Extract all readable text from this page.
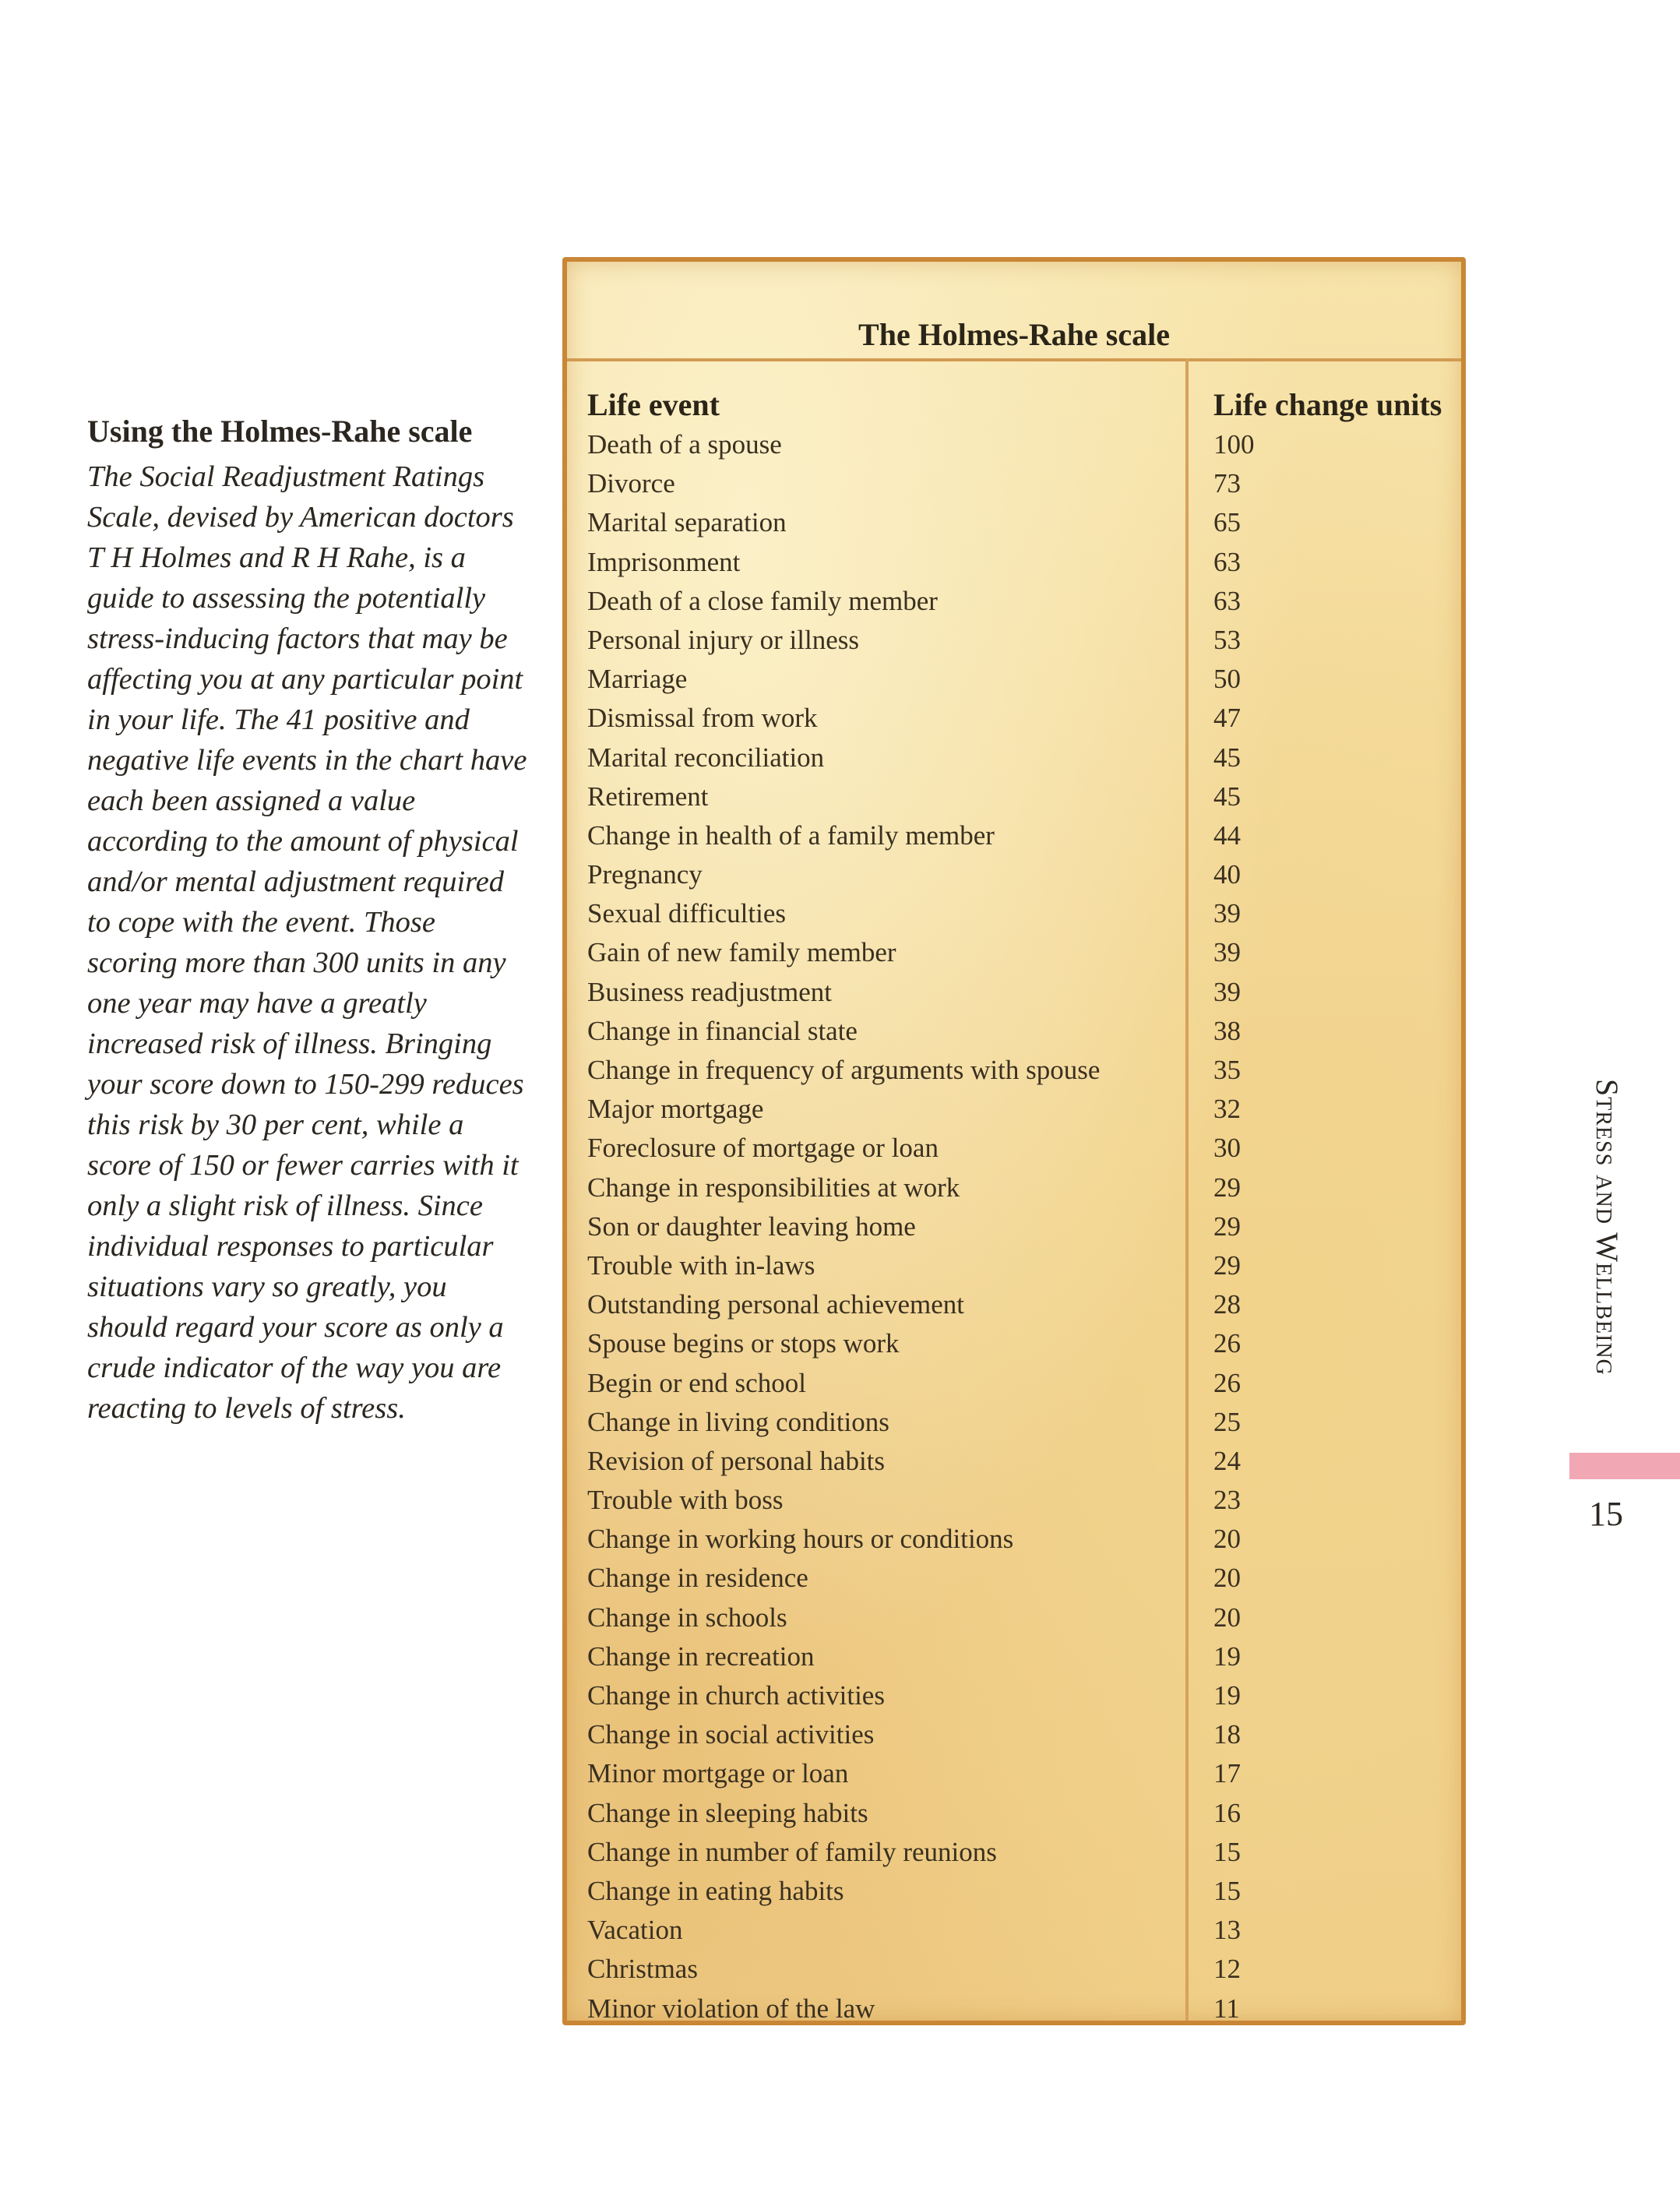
Using the Holmes-Rahe scale

The Social Readjustment Ratings Scale, devised by American doctors T H Holmes and R H Rahe, is a guide to assessing the potentially stress-inducing factors that may be affecting you at any particular point in your life. The 41 positive and negative life events in the chart have each been assigned a value according to the amount of physical and/or mental adjustment required to cope with the event. Those scoring more than 300 units in any one year may have a greatly increased risk of illness. Bringing your score down to 150-299 reduces this risk by 30 per cent, while a score of 150 or fewer carries with it only a slight risk of illness. Since individual responses to particular situations vary so greatly, you should regard your score as only a crude indicator of the way you are reacting to levels of stress.

The Holmes-Rahe scale
Life event	Life change units
Death of a spouse	100
Divorce	73
Marital separation	65
Imprisonment	63
Death of a close family member	63
Personal injury or illness	53
Marriage	50
Dismissal from work	47
Marital reconciliation	45
Retirement	45
Change in health of a family member	44
Pregnancy	40
Sexual difficulties	39
Gain of new family member	39
Business readjustment	39
Change in financial state	38
Change in frequency of arguments with spouse	35
Major mortgage	32
Foreclosure of mortgage or loan	30
Change in responsibilities at work	29
Son or daughter leaving home	29
Trouble with in-laws	29
Outstanding personal achievement	28
Spouse begins or stops work	26
Begin or end school	26
Change in living conditions	25
Revision of personal habits	24
Trouble with boss	23
Change in working hours or conditions	20
Change in residence	20
Change in schools	20
Change in recreation	19
Change in church activities	19
Change in social activities	18
Minor mortgage or loan	17
Change in sleeping habits	16
Change in number of family reunions	15
Change in eating habits	15
Vacation	13
Christmas	12
Minor violation of the law	11
Stress and Wellbeing
15
